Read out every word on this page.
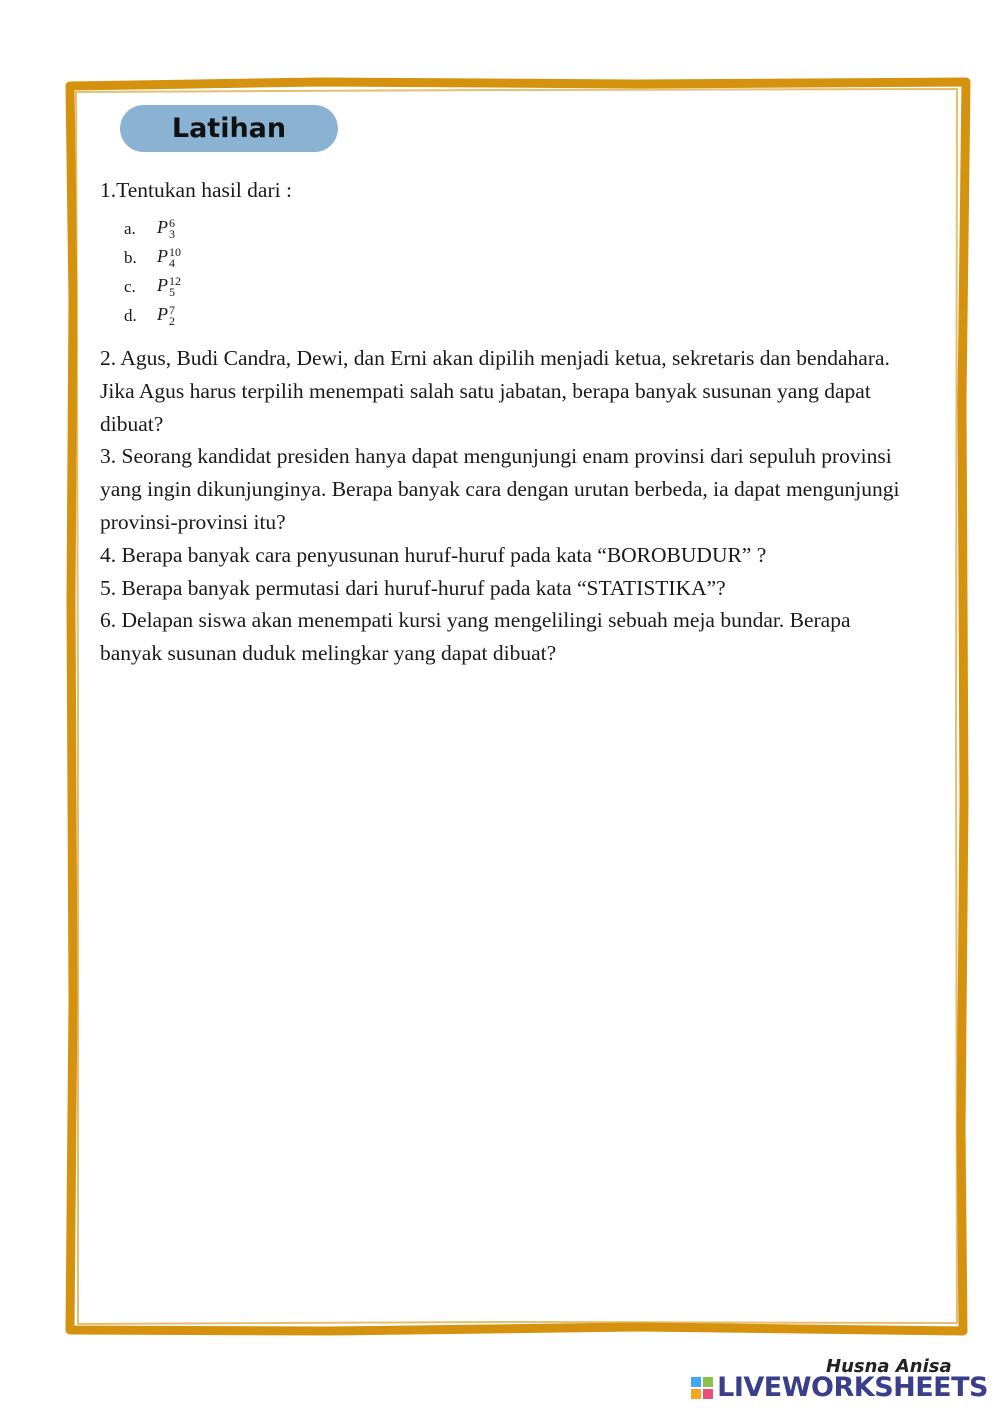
Latihan
1.Tentukan hasil dari :
a.	P 6
3
b.	P 10
4
c.	P 12
5
d.	P 7
2

2. Agus, Budi Candra, Dewi, dan Erni akan dipilih menjadi ketua, sekretaris dan bendahara. Jika Agus harus terpilih menempati salah satu jabatan, berapa banyak susunan yang dapat dibuat?

3. Seorang kandidat presiden hanya dapat mengunjungi enam provinsi dari sepuluh provinsi yang ingin dikunjunginya. Berapa banyak cara dengan urutan berbeda, ia dapat mengunjungi provinsi-provinsi itu?

4. Berapa banyak cara penyusunan huruf-huruf pada kata “BOROBUDUR” ?

5. Berapa banyak permutasi dari huruf-huruf pada kata “STATISTIKA”?

6. Delapan siswa akan menempati kursi yang mengelilingi sebuah meja bundar. Berapa banyak susunan duduk melingkar yang dapat dibuat?

Husna Anisa
LIVEWORKSHEETS
